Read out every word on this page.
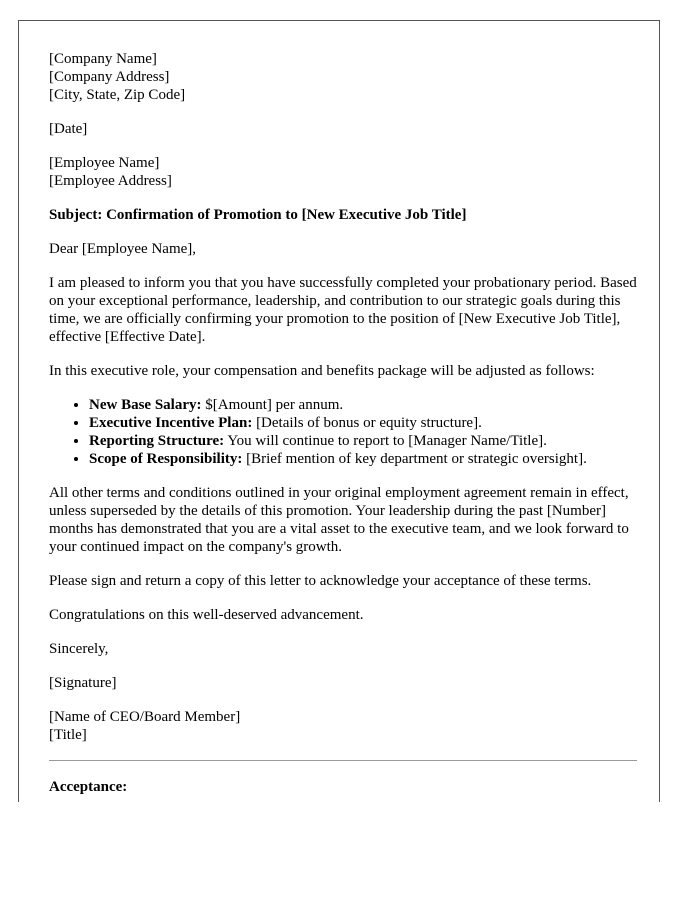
[Company Name]

[Company Address]

[City, State, Zip Code]

[Date]

[Employee Name]

[Employee Address]

Subject: Confirmation of Promotion to [New Executive Job Title]

Dear [Employee Name],

I am pleased to inform you that you have successfully completed your probationary period. Based on your exceptional performance, leadership, and contribution to our strategic goals during this time, we are officially confirming your promotion to the position of [New Executive Job Title], effective [Effective Date].

In this executive role, your compensation and benefits package will be adjusted as follows:

• New Base Salary: $[Amount] per annum.
• Executive Incentive Plan: [Details of bonus or equity structure].
• Reporting Structure: You will continue to report to [Manager Name/Title].
• Scope of Responsibility: [Brief mention of key department or strategic oversight].

All other terms and conditions outlined in your original employment agreement remain in effect, unless superseded by the details of this promotion. Your leadership during the past [Number] months has demonstrated that you are a vital asset to the executive team, and we look forward to your continued impact on the company's growth.

Please sign and return a copy of this letter to acknowledge your acceptance of these terms.

Congratulations on this well-deserved advancement.

Sincerely,

[Signature]

[Name of CEO/Board Member]

[Title]

Acceptance:
